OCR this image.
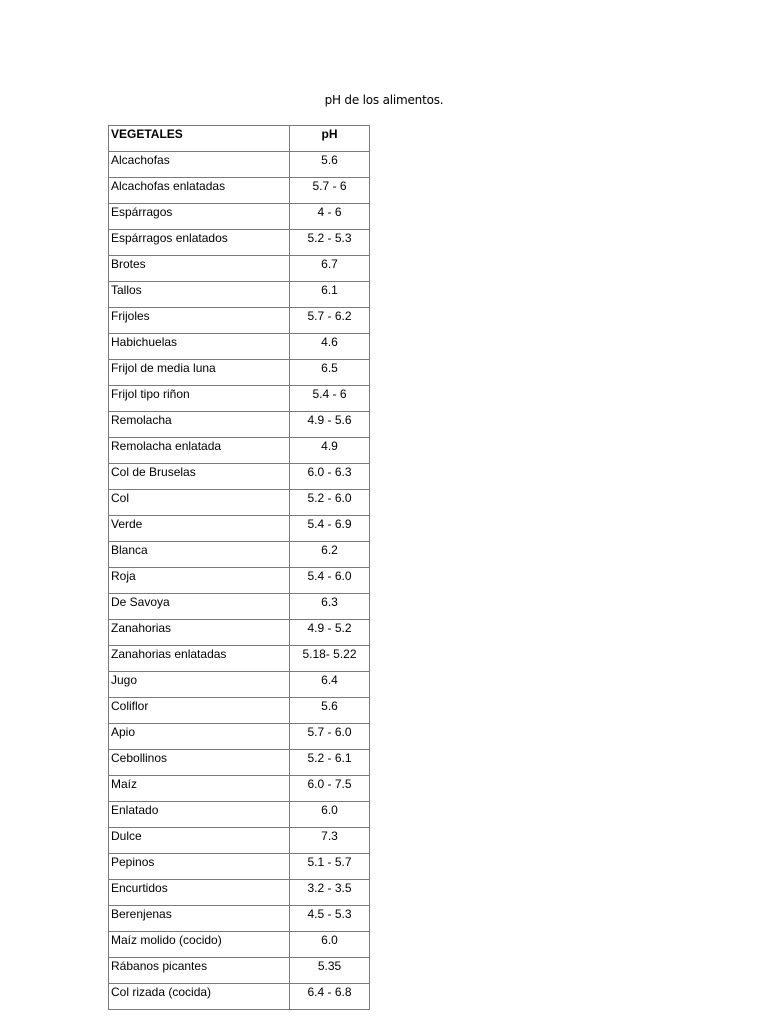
pH de los alimentos.
VEGETALES	pH
Alcachofas	5.6
Alcachofas enlatadas	5.7 - 6
Espárragos	4 - 6
Espárragos enlatados	5.2 - 5.3
Brotes	6.7
Tallos	6.1
Frijoles	5.7 - 6.2
Habichuelas	4.6
Frijol de media luna	6.5
Frijol tipo riñon	5.4 - 6
Remolacha	4.9 - 5.6
Remolacha enlatada	4.9
Col de Bruselas	6.0 - 6.3
Col	5.2 - 6.0
Verde	5.4 - 6.9
Blanca	6.2
Roja	5.4 - 6.0
De Savoya	6.3
Zanahorias	4.9 - 5.2
Zanahorias enlatadas	5.18- 5.22
Jugo	6.4
Coliflor	5.6
Apio	5.7 - 6.0
Cebollinos	5.2 - 6.1
Maíz	6.0 - 7.5
Enlatado	6.0
Dulce	7.3
Pepinos	5.1 - 5.7
Encurtidos	3.2 - 3.5
Berenjenas	4.5 - 5.3
Maíz molido (cocido)	6.0
Rábanos picantes	5.35
Col rizada (cocida)	6.4 - 6.8
